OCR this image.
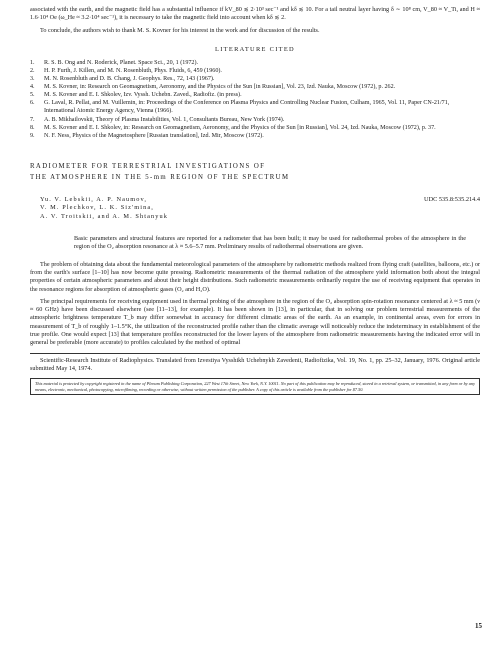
associated with the earth, and the magnetic field has a substantial influence if kV_80 ≲ 2·10³ sec⁻¹ and kδ ≲ 10. For a tail neutral layer having δ ∼ 10⁸ cm, V_80 ≈ V_Ti, and H ≈ 1.6·10⁴ Oe (ω_He ≈ 3.2·10⁴ sec⁻¹), it is necessary to take the magnetic field into account when kδ ≲ 2.

To conclude, the authors wish to thank M. S. Kovner for his interest in the work and for discussion of the results.

LITERATURE CITED
1.	R. S. B. Ong and N. Roderick, Planet. Space Sci., 20, 1 (1972).
2.	H. P. Furth, J. Killen, and M. N. Rosenbluth, Phys. Fluids, 6, 459 (1960).
3.	M. N. Rosenbluth and D. B. Chang, J. Geophys. Res., 72, 143 (1967).
4.	M. S. Kovner, in: Research on Geomagnetism, Aeronomy, and the Physics of the Sun [in Russian], Vol. 23, Izd. Nauka, Moscow (1972), p. 262.
5.	M. S. Kovner and E. I. Shkolev, Izv. Vyssh. Uchebn. Zaved., Radiofiz. (in press).
6.	G. Laval, R. Pellat, and M. Vuillemin, in: Proceedings of the Conference on Plasma Physics and Controlling Nuclear Fusion, Culham, 1965, Vol. 11, Paper CN-21/71, International Atomic Energy Agency, Vienna (1966).
7.	A. B. Mikhailovskii, Theory of Plasma Instabilities, Vol. 1, Consultants Bureau, New York (1974).
8.	M. S. Kovner and E. I. Shkolev, in: Research on Geomagnetism, Aeronomy, and the Physics of the Sun [in Russian], Vol. 24, Izd. Nauka, Moscow (1972), p. 37.
9.	N. F. Ness, Physics of the Magnetosphere [Russian translation], Izd. Mir, Moscow (1972).
RADIOMETER FOR TERRESTRIAL INVESTIGATIONS OF
THE ATMOSPHERE IN THE 5-mm REGION OF THE SPECTRUM
Yu. V. Lebskii, A. P. Naumov,
V. M. Plechkov, L. K. Siz'mina,
A. V. Troitskii, and A. M. Shtanyuk
UDC 535.8:535.214.4

Basic parameters and structural features are reported for a radiometer that has been built; it may be used for radiothermal probes of the atmosphere in the region of the O₂ absorption resonance at λ ≈ 5.6–5.7 mm. Preliminary results of radiothermal observations are given.

The problem of obtaining data about the fundamental meteorological parameters of the atmosphere by radiometric methods realized from flying craft (satellites, balloons, etc.) or from the earth's surface [1–10] has now become quite pressing. Radiometric measurements of the thermal radiation of the atmosphere yield information both about the integral properties of certain atmospheric parameters and about their height distributions. Such radiometric measurements ordinarily require the use of receiving equipment that operates in the resonance regions for absorption of atmospheric gases (O₂ and H₂O).

The principal requirements for receiving equipment used in thermal probing of the atmosphere in the region of the O₂ absorption spin-rotation resonance centered at λ ≈ 5 mm (ν ≈ 60 GHz) have been discussed elsewhere (see [11–13], for example). It has been shown in [13], in particular, that in solving our problem terrestrial measurements of the atmospheric brightness temperature T_b may differ somewhat in accuracy for different climatic areas of the earth. As an example, in continental areas, even for errors in measurement of T_b of roughly 1–1.5°K, the utilization of the reconstructed profile rather than the climatic average will noticeably reduce the indeterminacy in establishment of the true profile. One would expect [13] that temperature profiles reconstructed for the lower layers of the atmosphere from radiometric measurements having the indicated error will in general be preferable (more accurate) to profiles calculated by the method of optimal

Scientific-Research Institute of Radiophysics. Translated from Izvestiya Vysshikh Uchebnykh Zavedenii, Radiofizika, Vol. 19, No. 1, pp. 25–32, January, 1976. Original article submitted May 14, 1974.

This material is protected by copyright registered in the name of Plenum Publishing Corporation, 227 West 17th Street, New York, N.Y. 10011. No part of this publication may be reproduced, stored in a retrieval system, or transmitted, in any form or by any means, electronic, mechanical, photocopying, microfilming, recording or otherwise, without written permission of the publisher. A copy of this article is available from the publisher for $7.50.
15
